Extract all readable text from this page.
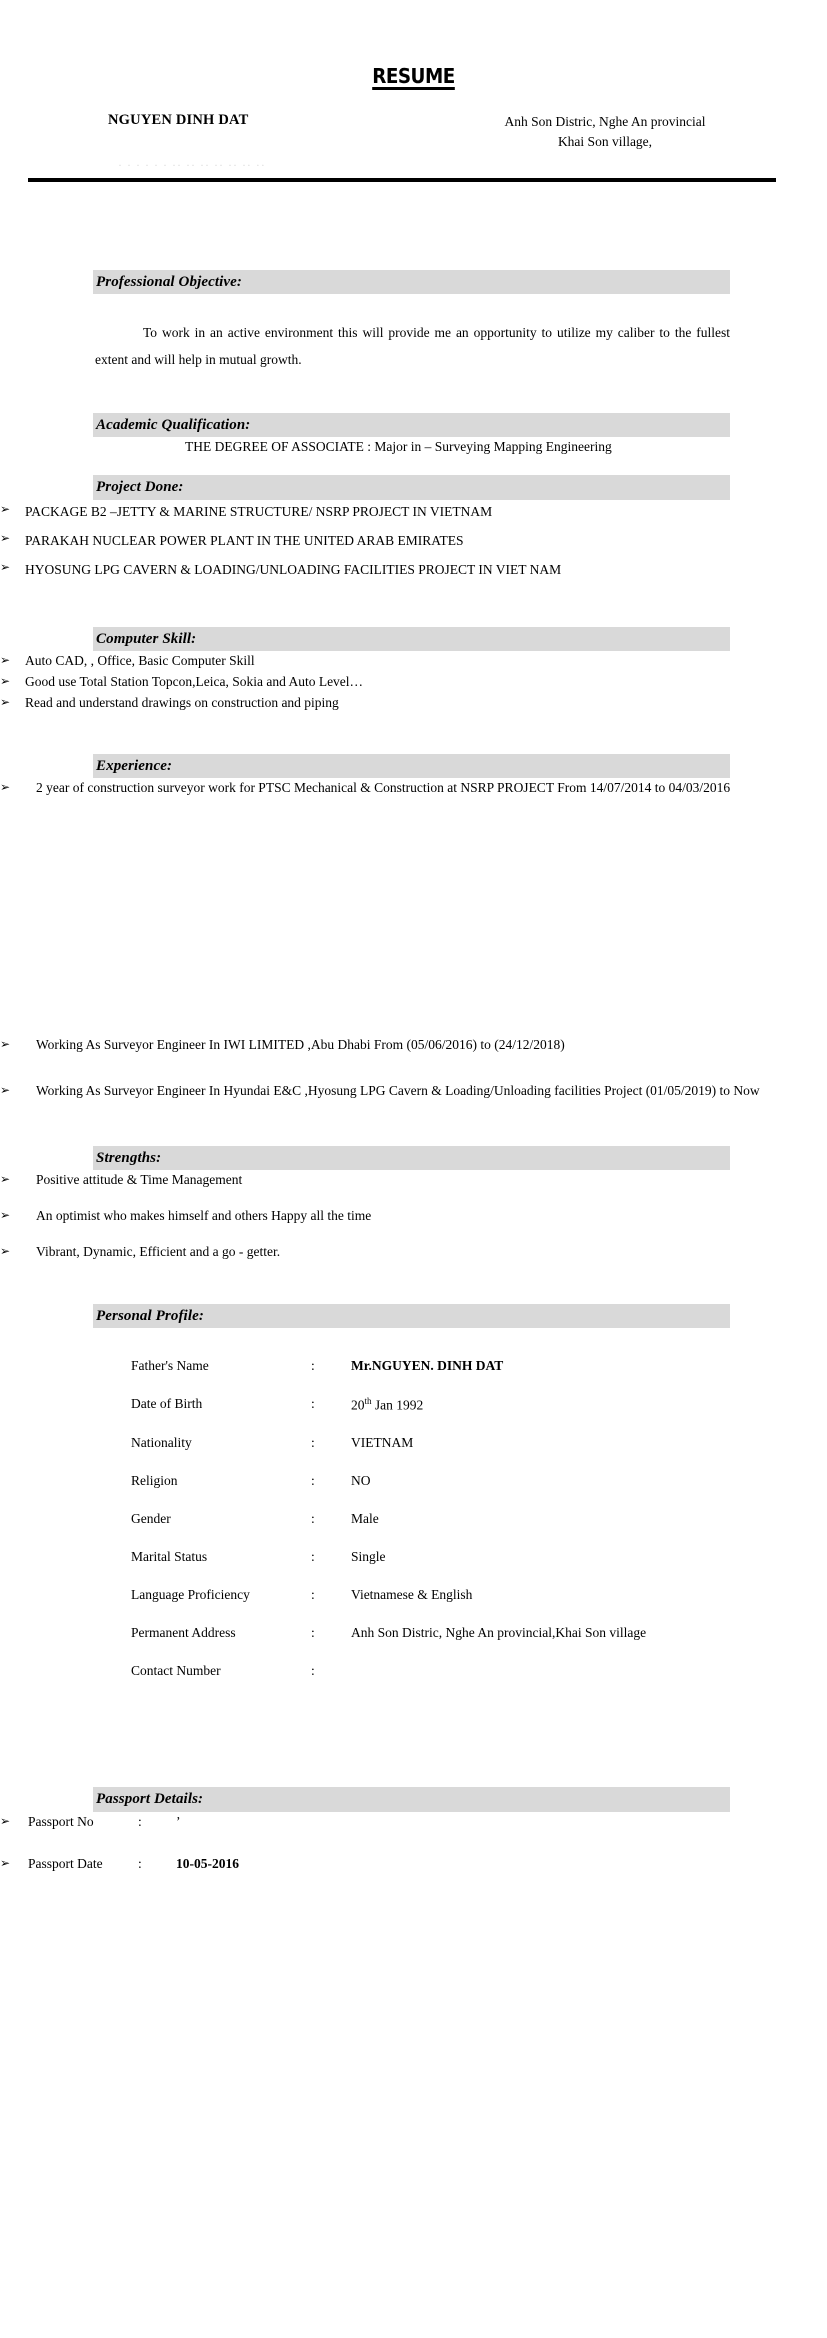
RESUME
NGUYEN DINH DAT	Anh Son Distric, Nghe An provincial
Khai Son village,
· · · · · · ·· ·· ·· ·· ·· ·· ··
Professional Objective:

To work in an active environment this will provide me an opportunity to utilize my caliber to the fullest extent and will help in mutual growth.

Academic Qualification:
THE DEGREE OF ASSOCIATE : Major in – Surveying Mapping Engineering
Project Done:
➢ PACKAGE B2 –JETTY & MARINE STRUCTURE/ NSRP PROJECT IN VIETNAM
➢ PARAKAH NUCLEAR POWER PLANT IN THE UNITED ARAB EMIRATES
➢ HYOSUNG LPG CAVERN & LOADING/UNLOADING FACILITIES PROJECT IN VIET NAM
Computer Skill:
➢ Auto CAD, , Office, Basic Computer Skill
➢ Good use Total Station Topcon,Leica, Sokia and Auto Level…
➢ Read and understand drawings on construction and piping
Experience:
➢ 2 year of construction surveyor work for PTSC Mechanical & Construction at NSRP PROJECT From 14/07/2014 to 04/03/2016
➢ Working As Surveyor Engineer In IWI LIMITED ,Abu Dhabi From (05/06/2016) to (24/12/2018)
➢ Working As Surveyor Engineer In Hyundai E&C ,Hyosung LPG Cavern & Loading/Unloading facilities Project (01/05/2019) to Now
Strengths:
➢ Positive attitude & Time Management
➢ An optimist who makes himself and others Happy all the time
➢ Vibrant, Dynamic, Efficient and a go - getter.
Personal Profile:
Father's Name	:	Mr.NGUYEN. DINH DAT
Date of Birth	:	20th Jan 1992
Nationality	:	VIETNAM
Religion	:	NO
Gender	:	Male
Marital Status	:	Single
Language Proficiency	:	Vietnamese & English
Permanent Address	:	Anh Son Distric, Nghe An provincial,Khai Son village
Contact Number	:	
Passport Details:
➢ Passport No	:	’
➢ Passport Date	:	10-05-2016
